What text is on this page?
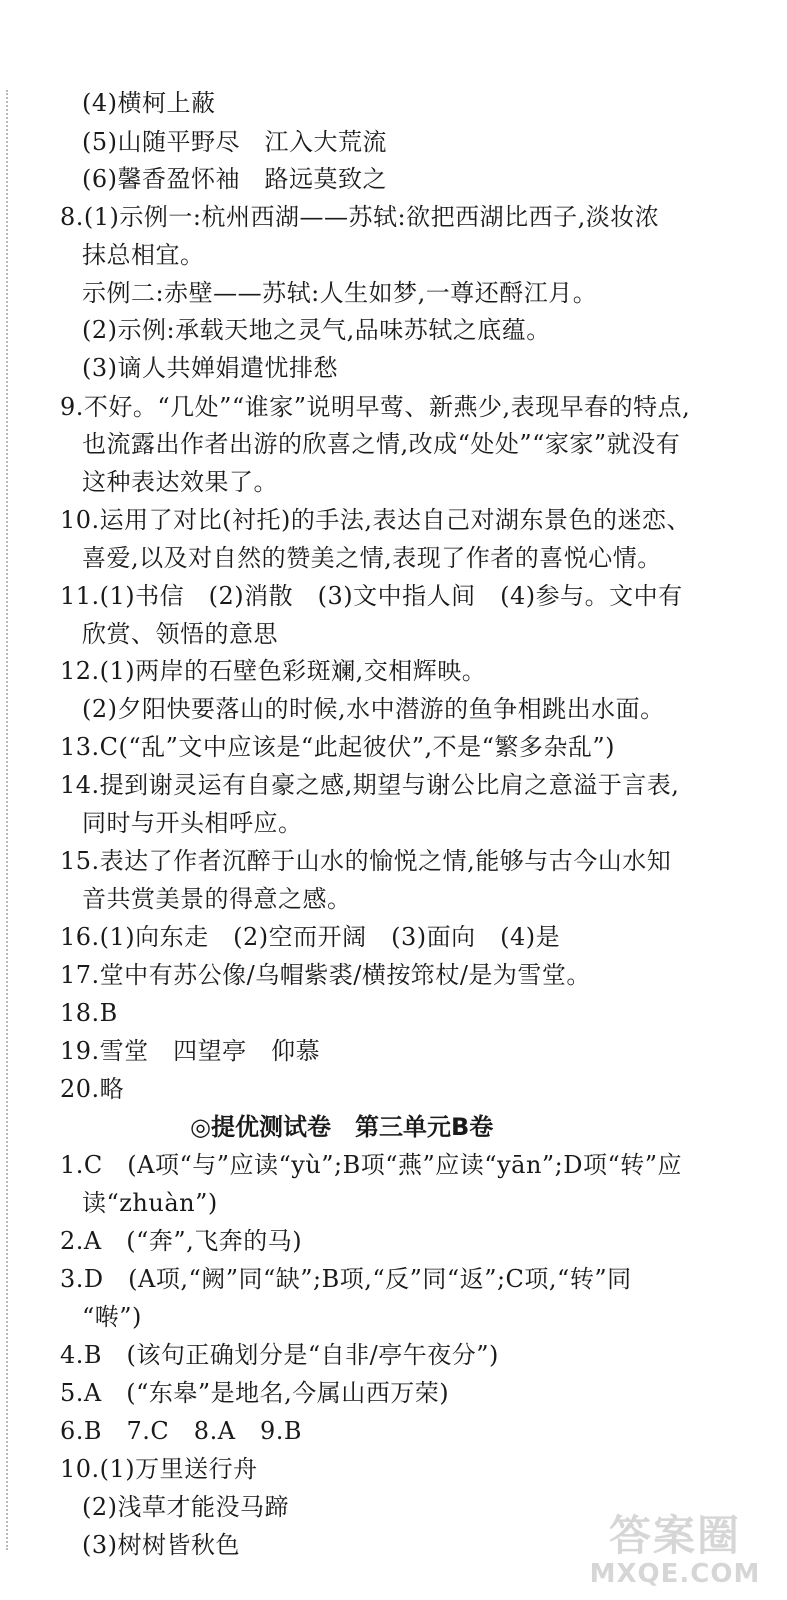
(4)横柯上蔽
(5)山随平野尽　江入大荒流
(6)馨香盈怀袖　路远莫致之
8.(1)示例一:杭州西湖——苏轼:欲把西湖比西子,淡妆浓
抹总相宜。
示例二:赤壁——苏轼:人生如梦,一尊还酹江月。
(2)示例:承载天地之灵气,品味苏轼之底蕴。
(3)谪人共婵娟遣忧排愁
9.不好。“几处”“谁家”说明早莺、新燕少,表现早春的特点,
也流露出作者出游的欣喜之情,改成“处处”“家家”就没有
这种表达效果了。
10.运用了对比(衬托)的手法,表达自己对湖东景色的迷恋、
喜爱,以及对自然的赞美之情,表现了作者的喜悦心情。
11.(1)书信　(2)消散　(3)文中指人间　(4)参与。文中有
欣赏、领悟的意思
12.(1)两岸的石壁色彩斑斓,交相辉映。
(2)夕阳快要落山的时候,水中潜游的鱼争相跳出水面。
13.C(“乱”文中应该是“此起彼伏”,不是“繁多杂乱”)
14.提到谢灵运有自豪之感,期望与谢公比肩之意溢于言表,
同时与开头相呼应。
15.表达了作者沉醉于山水的愉悦之情,能够与古今山水知
音共赏美景的得意之感。
16.(1)向东走　(2)空而开阔　(3)面向　(4)是
17.堂中有苏公像/乌帽紫裘/横按筇杖/是为雪堂。
18.B
19.雪堂　四望亭　仰慕
20.略
◎提优测试卷　第三单元B卷
1.C　(A项“与”应读“yù”;B项“燕”应读“yān”;D项“转”应
读“zhuàn”)
2.A　(“奔”,飞奔的马)
3.D　(A项,“阙”同“缺”;B项,“反”同“返”;C项,“转”同
“啭”)
4.B　(该句正确划分是“自非/亭午夜分”)
5.A　(“东皋”是地名,今属山西万荣)
6.B　7.C　8.A　9.B
10.(1)万里送行舟
(2)浅草才能没马蹄
(3)树树皆秋色	答案圈
MXQE.COM
